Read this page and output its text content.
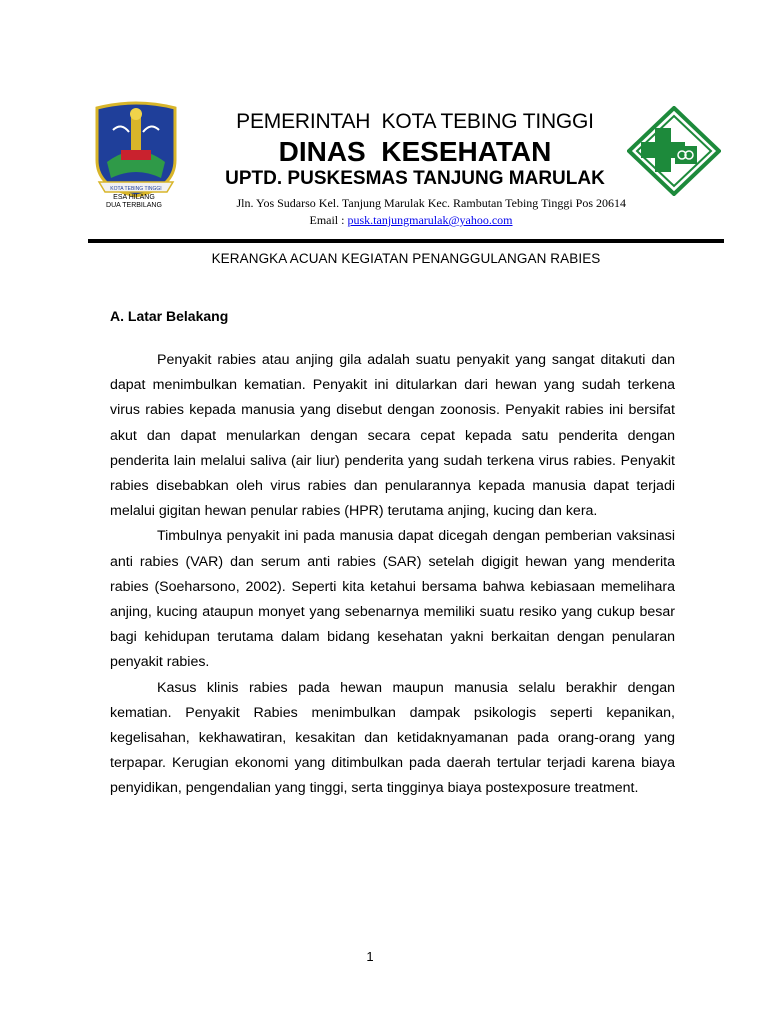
KOTA TEBING TINGGI
ESA HILANG
DUA TERBILANG
PEMERINTAH  KOTA TEBING TINGGI
DINAS  KESEHATAN
UPTD. PUSKESMAS TANJUNG MARULAK
Jln. Yos Sudarso Kel. Tanjung Marulak Kec. Rambutan Tebing Tinggi Pos 20614
Email : pusk.tanjungmarulak@yahoo.com
KERANGKA ACUAN KEGIATAN PENANGGULANGAN RABIES
A. Latar Belakang

Penyakit rabies atau anjing gila adalah suatu penyakit yang sangat ditakuti dan dapat menimbulkan kematian. Penyakit ini ditularkan dari hewan yang sudah terkena virus rabies kepada manusia yang disebut dengan zoonosis. Penyakit rabies ini bersifat akut dan dapat menularkan dengan secara cepat kepada satu penderita dengan penderita lain melalui saliva (air liur) penderita yang sudah terkena virus rabies. Penyakit rabies disebabkan oleh virus rabies dan penularannya kepada manusia dapat terjadi melalui gigitan hewan penular rabies (HPR) terutama anjing, kucing dan kera.

Timbulnya penyakit ini pada manusia dapat dicegah dengan pemberian vaksinasi anti rabies (VAR) dan serum anti rabies (SAR) setelah digigit hewan yang menderita rabies (Soeharsono, 2002). Seperti kita ketahui bersama bahwa kebiasaan memelihara anjing, kucing ataupun monyet yang sebenarnya memiliki suatu resiko yang cukup besar bagi kehidupan terutama dalam bidang kesehatan yakni berkaitan dengan penularan penyakit rabies.

Kasus klinis rabies pada hewan maupun manusia selalu berakhir dengan kematian. Penyakit Rabies menimbulkan dampak psikologis seperti kepanikan, kegelisahan, kekhawatiran, kesakitan dan ketidaknyamanan pada orang-orang yang terpapar. Kerugian ekonomi yang ditimbulkan pada daerah tertular terjadi karena biaya penyidikan, pengendalian yang tinggi, serta tingginya biaya postexposure treatment.

1
